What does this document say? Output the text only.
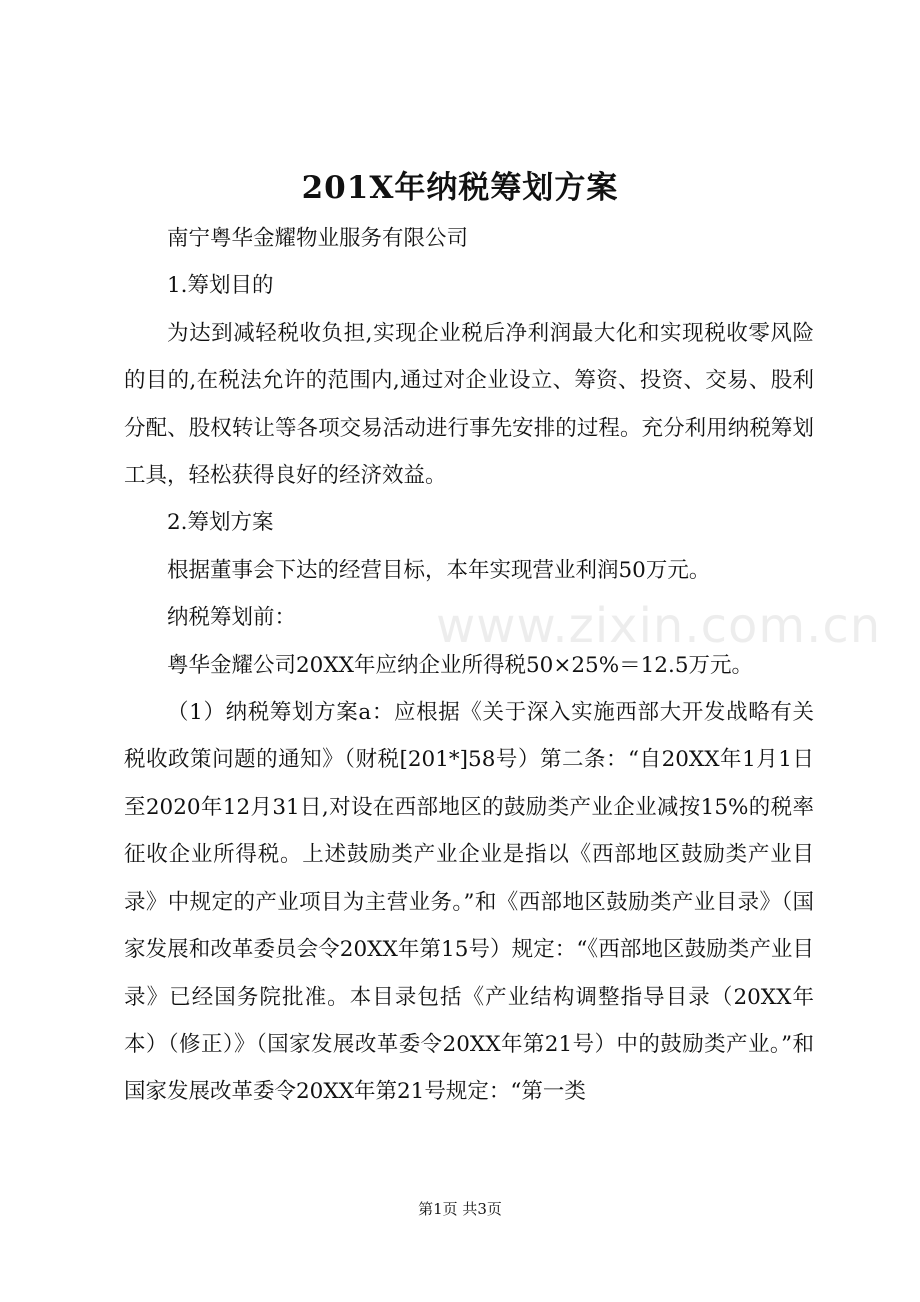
201X年纳税筹划方案

南宁粤华金耀物业服务有限公司

1.筹划目的

为达到减轻税收负担,实现企业税后净利润最大化和实现税收零风险的目的,在税法允许的范围内,通过对企业设立、筹资、投资、交易、股利分配、股权转让等各项交易活动进行事先安排的过程。充分利用纳税筹划工具，轻松获得良好的经济效益。

2.筹划方案

根据董事会下达的经营目标，本年实现营业利润50万元。

纳税筹划前：

粤华金耀公司20XX年应纳企业所得税50×25%＝12.5万元。

（1）纳税筹划方案a：应根据《关于深入实施西部大开发战略有关税收政策问题的通知》（财税[201*]58号）第二条：“自20XX年1月1日至2020年12月31日,对设在西部地区的鼓励类产业企业减按15%的税率征收企业所得税。上述鼓励类产业企业是指以《西部地区鼓励类产业目录》中规定的产业项目为主营业务。”和《西部地区鼓励类产业目录》（国家发展和改革委员会令20XX年第15号）规定：“《西部地区鼓励类产业目录》已经国务院批准。本目录包括《产业结构调整指导目录（20XX年本）（修正）》（国家发展改革委令20XX年第21号）中的鼓励类产业。”和国家发展改革委令20XX年第21号规定：“第一类

www.zixin.com.cn
第1页 共3页
